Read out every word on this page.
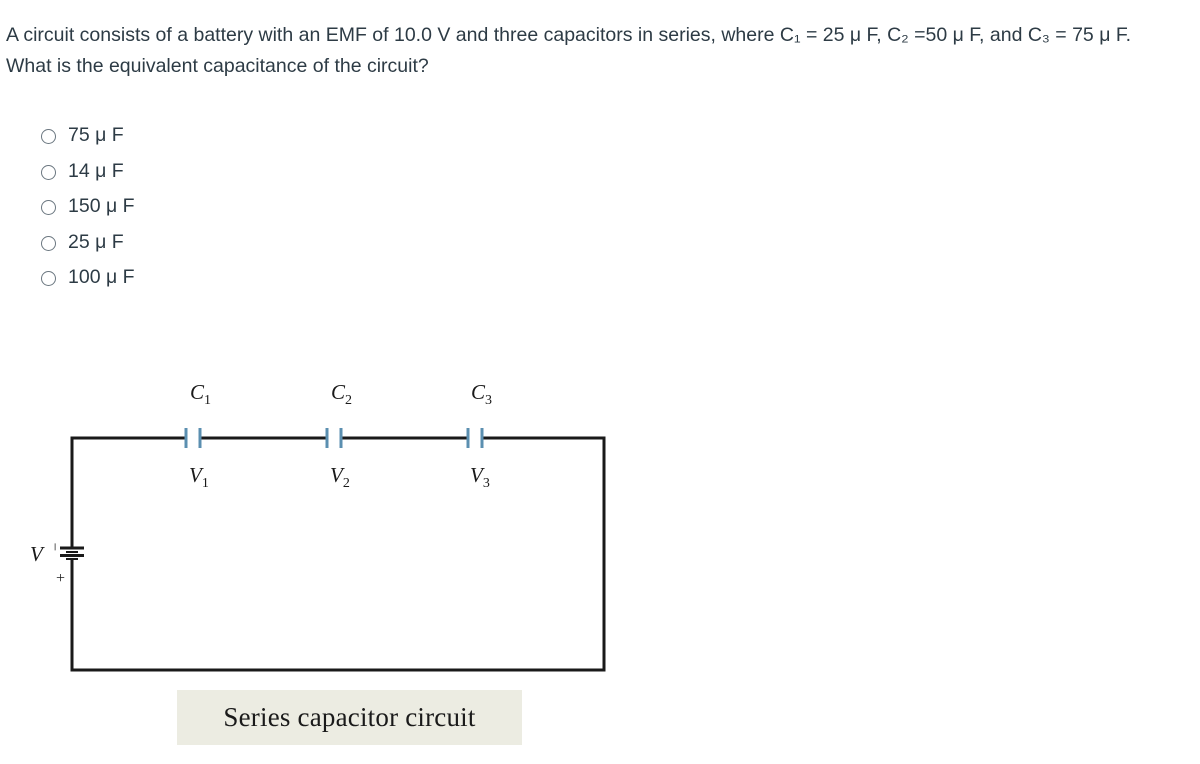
A circuit consists of a battery with an EMF of 10.0 V and three capacitors in series, where C₁ = 25 μ F, C₂ =50 μ F, and C₃ = 75 μ F.
What is the equivalent capacitance of the circuit?
75 μ F
14 μ F
150 μ F
25 μ F
100 μ F
$C_1$	$C_2$	$C_3$
$V_1$	$V_2$	$V_3$
V −
+
Series capacitor circuit
